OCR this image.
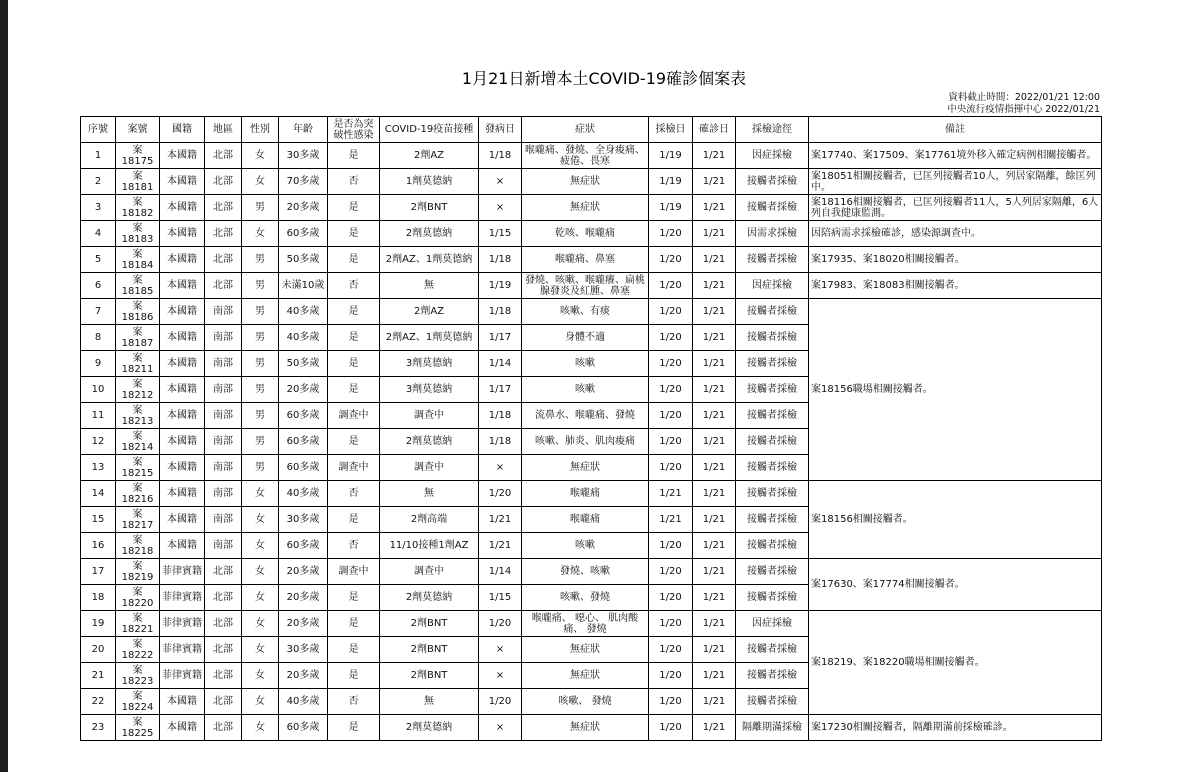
1月21日新增本土COVID-19確診個案表
資料截止時間：2022/01/21 12:00
中央流行疫情指揮中心 2022/01/21
序號	案號	國籍	地區	性別	年齡	是否為突破性感染	COVID-19疫苗接種	發病日	症狀	採檢日	確診日	採檢途徑	備註
1	案18175	本國籍	北部	女	30多歲	是	2劑AZ	1/18	喉嚨痛、發燒、全身痠痛、疲倦、畏寒	1/19	1/21	因症採檢	案17740、案17509、案17761境外移入確定病例相關接觸者。
2	案18181	本國籍	北部	女	70多歲	否	1劑莫德納	×	無症狀	1/19	1/21	接觸者採檢	案18051相關接觸者，已匡列接觸者10人，列居家隔離，餘匡列中。
3	案18182	本國籍	北部	男	20多歲	是	2劑BNT	×	無症狀	1/19	1/21	接觸者採檢	案18116相關接觸者，已匡列接觸者11人，5人列居家隔離，6人列自我健康監測。
4	案18183	本國籍	北部	女	60多歲	是	2劑莫德納	1/15	乾咳、喉嚨痛	1/20	1/21	因需求採檢	因陪病需求採檢確診，感染源調查中。
5	案18184	本國籍	北部	男	50多歲	是	2劑AZ、1劑莫德納	1/18	喉嚨痛、鼻塞	1/20	1/21	接觸者採檢	案17935、案18020相關接觸者。
6	案18185	本國籍	北部	男	未滿10歲	否	無	1/19	發燒、咳嗽、喉嚨癢、扁桃腺發炎及紅腫、鼻塞	1/20	1/21	因症採檢	案17983、案18083相關接觸者。
7	案18186	本國籍	南部	男	40多歲	是	2劑AZ	1/18	咳嗽、有痰	1/20	1/21	接觸者採檢	案18156職場相關接觸者。
8	案18187	本國籍	南部	男	40多歲	是	2劑AZ、1劑莫德納	1/17	身體不適	1/20	1/21	接觸者採檢	
9	案18211	本國籍	南部	男	50多歲	是	3劑莫德納	1/14	咳嗽	1/20	1/21	接觸者採檢	
10	案18212	本國籍	南部	男	20多歲	是	3劑莫德納	1/17	咳嗽	1/20	1/21	接觸者採檢	
11	案18213	本國籍	南部	男	60多歲	調查中	調查中	1/18	流鼻水、喉嚨痛、發燒	1/20	1/21	接觸者採檢	
12	案18214	本國籍	南部	男	60多歲	是	2劑莫德納	1/18	咳嗽、肺炎、肌肉痠痛	1/20	1/21	接觸者採檢	
13	案18215	本國籍	南部	男	60多歲	調查中	調查中	×	無症狀	1/20	1/21	接觸者採檢	
14	案18216	本國籍	南部	女	40多歲	否	無	1/20	喉嚨痛	1/21	1/21	接觸者採檢	案18156相關接觸者。
15	案18217	本國籍	南部	女	30多歲	是	2劑高端	1/21	喉嚨痛	1/21	1/21	接觸者採檢	
16	案18218	本國籍	南部	女	60多歲	否	11/10接種1劑AZ	1/21	咳嗽	1/20	1/21	接觸者採檢	
17	案18219	菲律賓籍	北部	女	20多歲	調查中	調查中	1/14	發燒、咳嗽	1/20	1/21	接觸者採檢	案17630、案17774相關接觸者。
18	案18220	菲律賓籍	北部	女	20多歲	是	2劑莫德納	1/15	咳嗽、發燒	1/20	1/21	接觸者採檢	
19	案18221	菲律賓籍	北部	女	20多歲	是	2劑BNT	1/20	喉嚨痛、 噁心、 肌肉酸痛、 發燒	1/20	1/21	因症採檢	案18219、案18220職場相關接觸者。
20	案18222	菲律賓籍	北部	女	30多歲	是	2劑BNT	×	無症狀	1/20	1/21	接觸者採檢	
21	案18223	菲律賓籍	北部	女	20多歲	是	2劑BNT	×	無症狀	1/20	1/21	接觸者採檢	
22	案18224	本國籍	北部	女	40多歲	否	無	1/20	咳嗽、 發燒	1/20	1/21	接觸者採檢	
23	案18225	本國籍	北部	女	60多歲	是	2劑莫德納	×	無症狀	1/20	1/21	隔離期滿採檢	案17230相關接觸者，隔離期滿前採檢確診。
